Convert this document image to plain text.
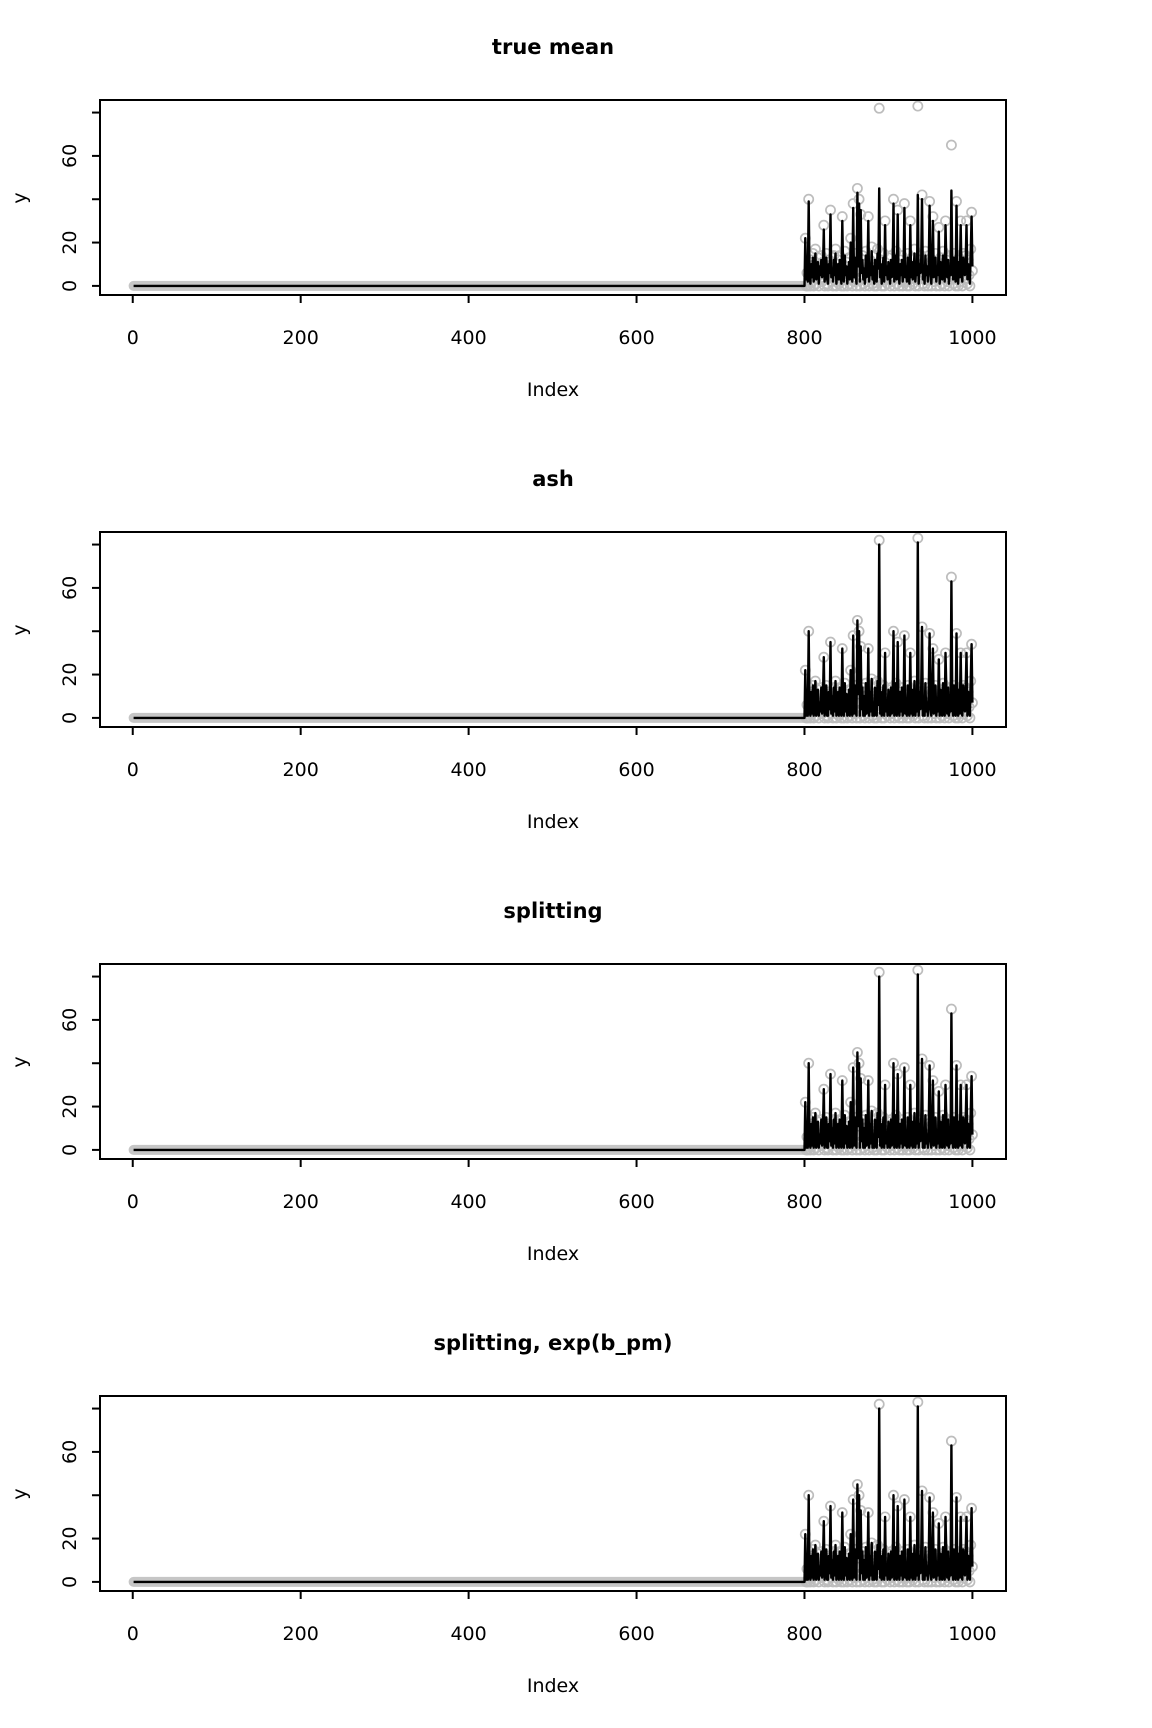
true mean
Index
y
0	200	400	600	800	1000
0
20
60
ash
Index
y
0	200	400	600	800	1000
0
20
60
splitting
Index
y
0	200	400	600	800	1000
0
20
60
splitting, exp(b_pm)
Index
y
0	200	400	600	800	1000
0
20
60
